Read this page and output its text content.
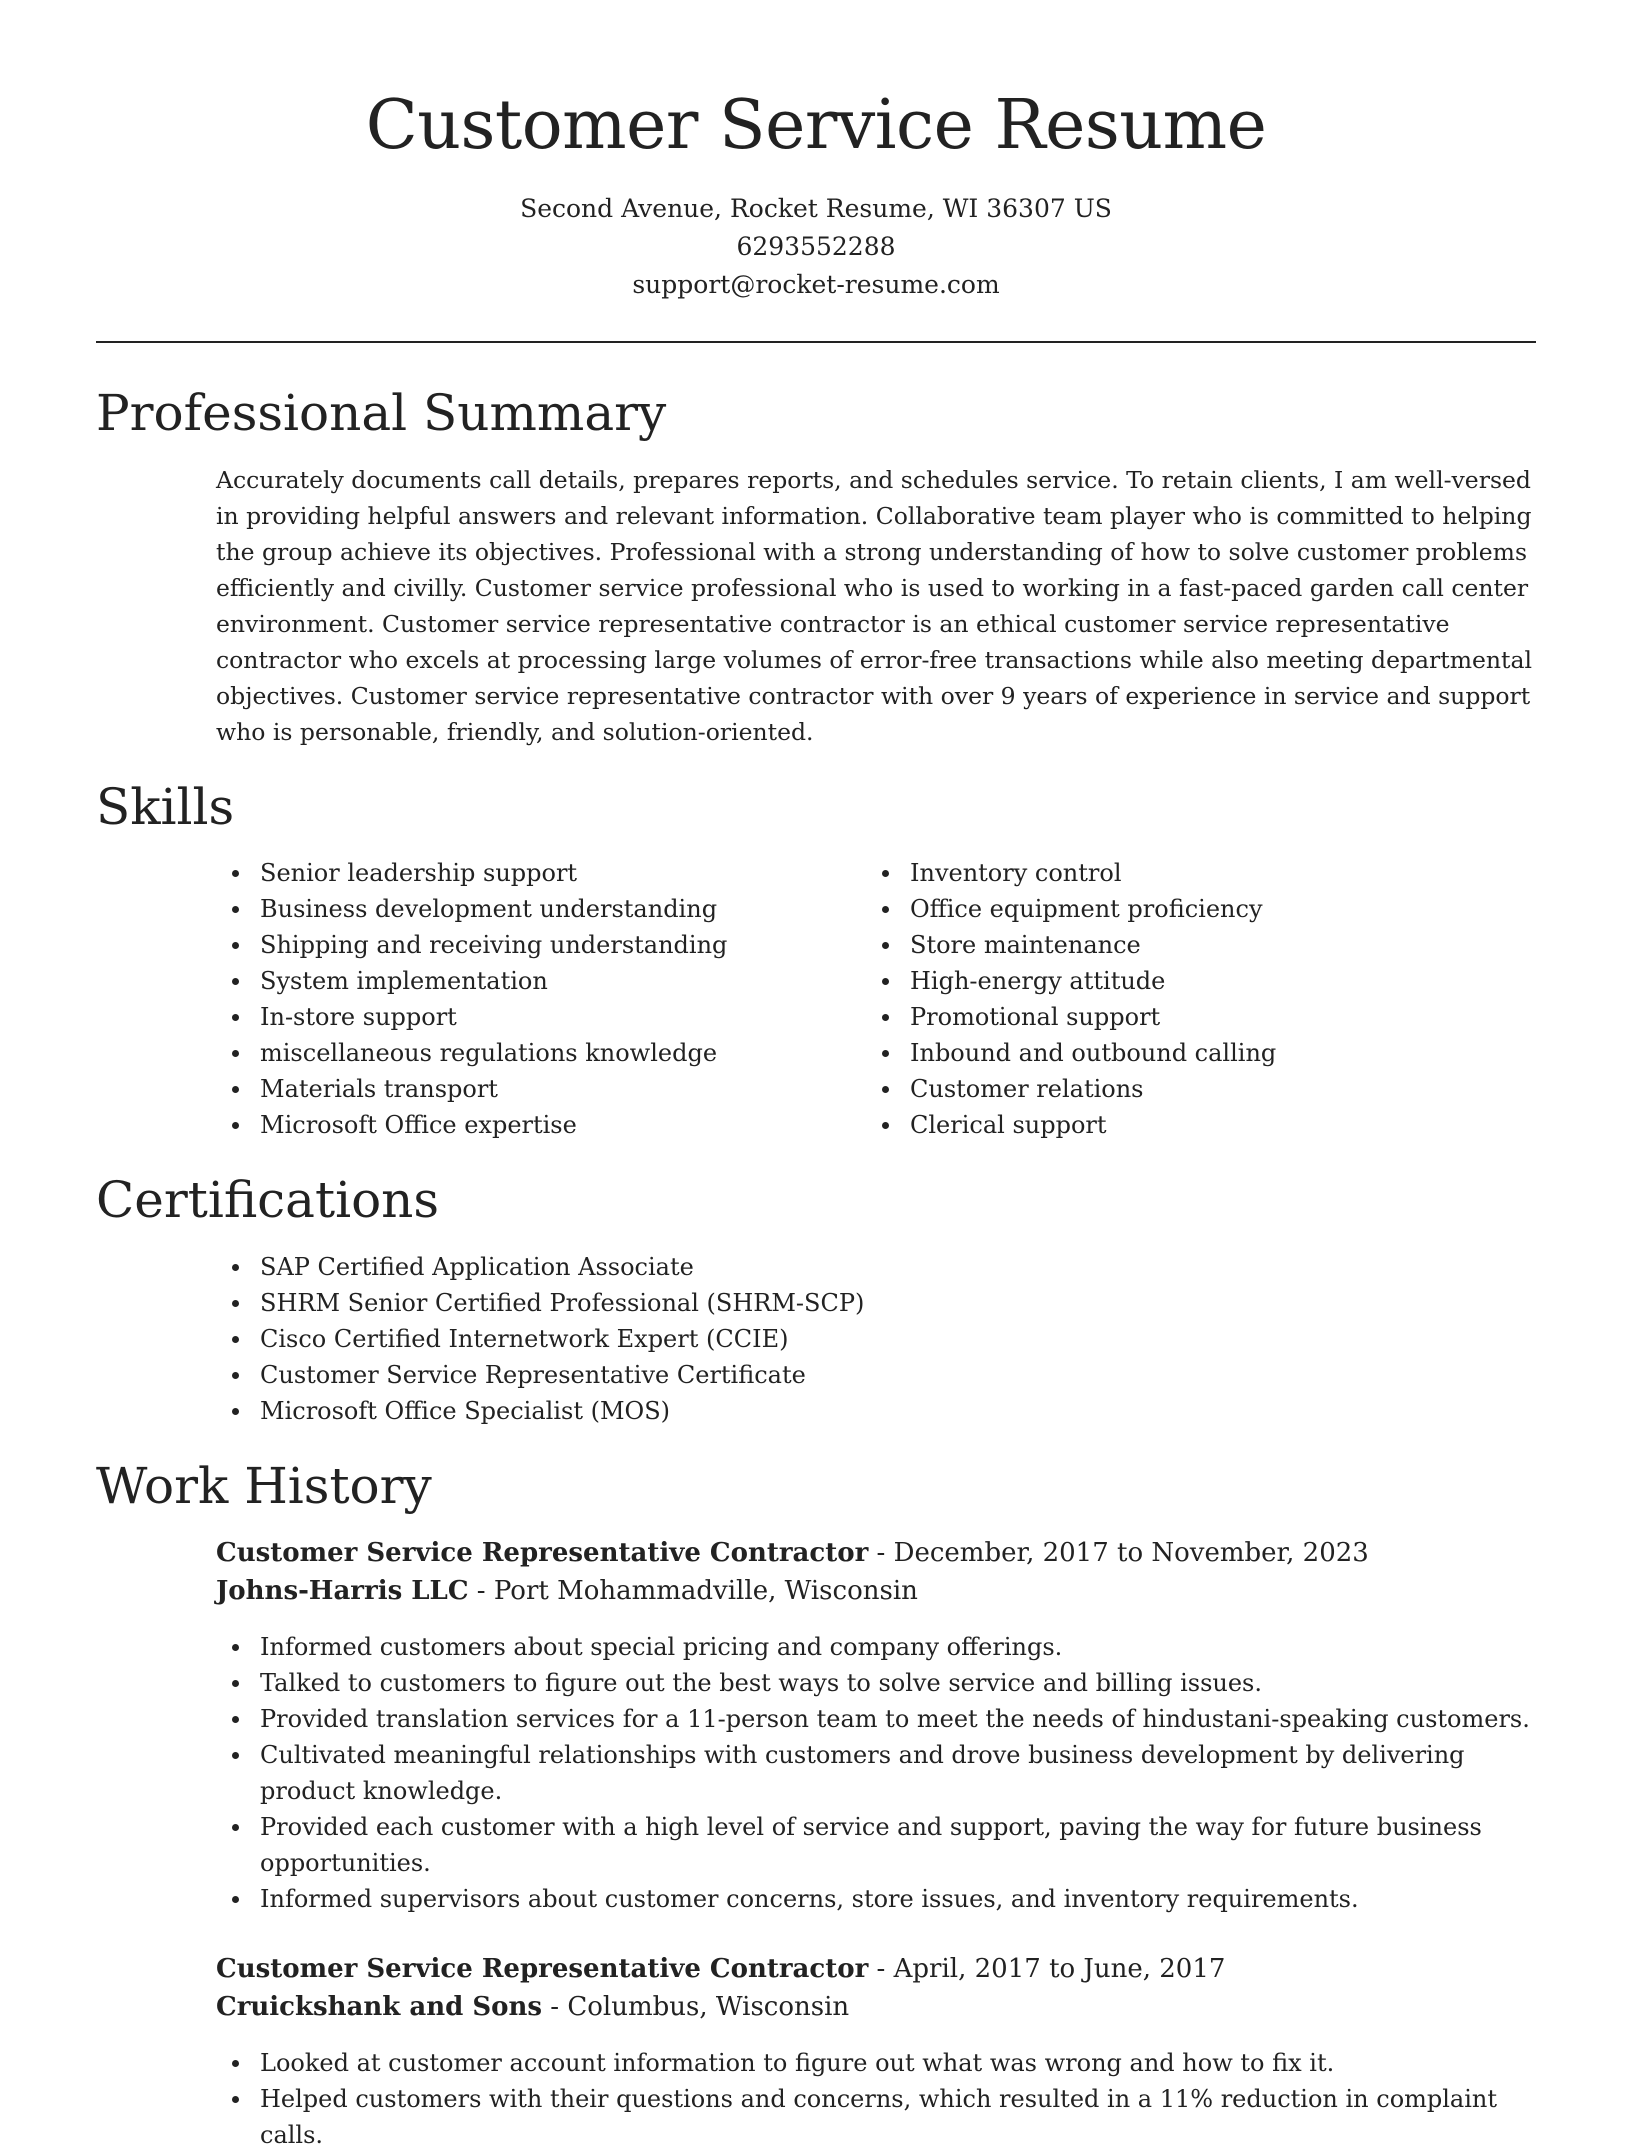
Customer Service Resume
Second Avenue, Rocket Resume, WI 36307 US
6293552288
support@rocket-resume.com
Professional Summary

Accurately documents call details, prepares reports, and schedules service. To retain clients, I am well-versed in providing helpful answers and relevant information. Collaborative team player who is committed to helping the group achieve its objectives. Professional with a strong understanding of how to solve customer problems efficiently and civilly. Customer service professional who is used to working in a fast-paced garden call center environment. Customer service representative contractor is an ethical customer service representative contractor who excels at processing large volumes of error-free transactions while also meeting departmental objectives. Customer service representative contractor with over 9 years of experience in service and support who is personable, friendly, and solution-oriented.

Skills
Senior leadership support
Business development understanding
Shipping and receiving understanding
System implementation
In-store support
miscellaneous regulations knowledge
Materials transport
Microsoft Office expertise
Inventory control
Office equipment proficiency
Store maintenance
High-energy attitude
Promotional support
Inbound and outbound calling
Customer relations
Clerical support
Certifications
SAP Certified Application Associate
SHRM Senior Certified Professional (SHRM-SCP)
Cisco Certified Internetwork Expert (CCIE)
Customer Service Representative Certificate
Microsoft Office Specialist (MOS)
Work History
Customer Service Representative Contractor - December, 2017 to November, 2023
Johns-Harris LLC - Port Mohammadville, Wisconsin
Informed customers about special pricing and company offerings.
Talked to customers to figure out the best ways to solve service and billing issues.
Provided translation services for a 11-person team to meet the needs of hindustani-speaking customers.
Cultivated meaningful relationships with customers and drove business development by delivering product knowledge.
Provided each customer with a high level of service and support, paving the way for future business opportunities.
Informed supervisors about customer concerns, store issues, and inventory requirements.
Customer Service Representative Contractor - April, 2017 to June, 2017
Cruickshank and Sons - Columbus, Wisconsin
Looked at customer account information to figure out what was wrong and how to fix it.
Helped customers with their questions and concerns, which resulted in a 11% reduction in complaint calls.
